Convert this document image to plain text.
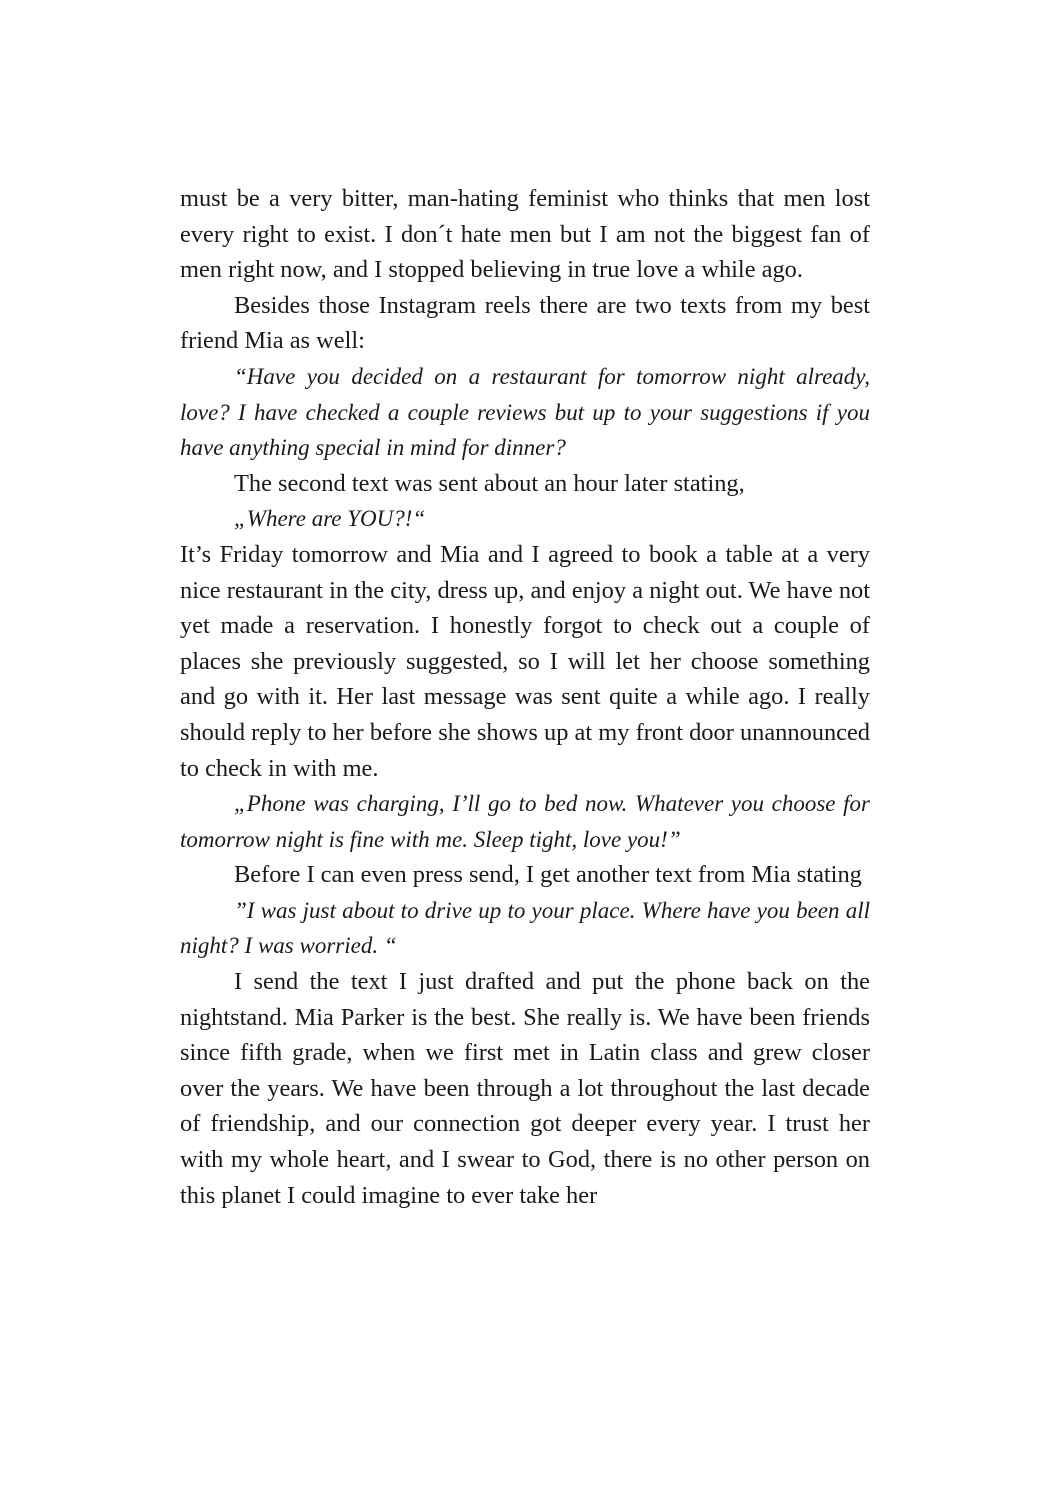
must be a very bitter, man-hating feminist who thinks that men lost every right to exist. I don´t hate men but I am not the biggest fan of men right now, and I stopped believing in true love a while ago.

Besides those Instagram reels there are two texts from my best friend Mia as well:

“Have you decided on a restaurant for tomorrow night already, love? I have checked a couple reviews but up to your suggestions if you have anything special in mind for dinner?

The second text was sent about an hour later stating,

„Where are YOU?!“

It’s Friday tomorrow and Mia and I agreed to book a table at a very nice restaurant in the city, dress up, and enjoy a night out. We have not yet made a reservation. I honestly forgot to check out a couple of places she previously suggested, so I will let her choose something and go with it. Her last message was sent quite a while ago. I really should reply to her before she shows up at my front door unannounced to check in with me.

„Phone was charging, I’ll go to bed now. Whatever you choose for tomorrow night is fine with me. Sleep tight, love you!”

Before I can even press send, I get another text from Mia stating

”I was just about to drive up to your place. Where have you been all night? I was worried. “

I send the text I just drafted and put the phone back on the nightstand. Mia Parker is the best. She really is. We have been friends since fifth grade, when we first met in Latin class and grew closer over the years. We have been through a lot throughout the last decade of friendship, and our connection got deeper every year. I trust her with my whole heart, and I swear to God, there is no other person on this planet I could imagine to ever take her
